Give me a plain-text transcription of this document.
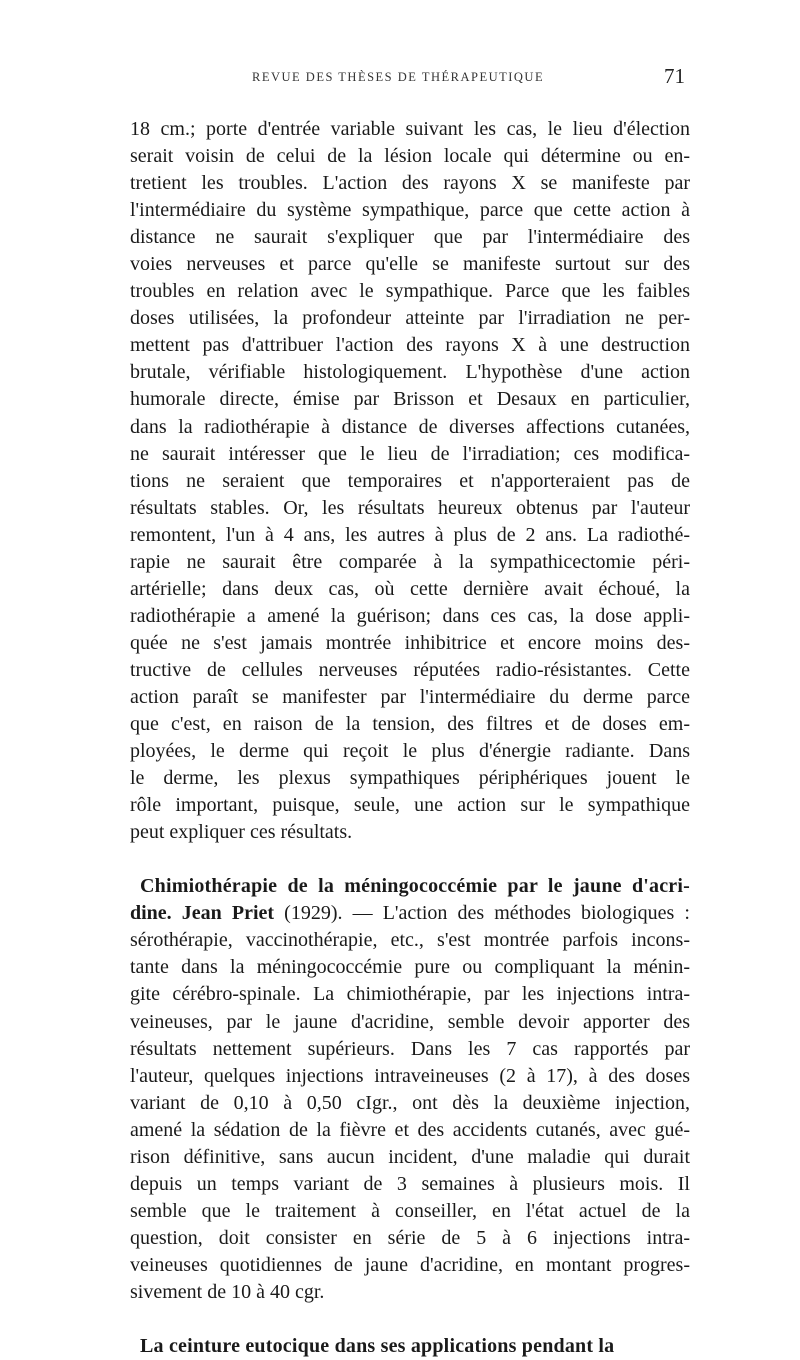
REVUE DES THÈSES DE THÉRAPEUTIQUE	71
18 cm.; porte d'entrée variable suivant les cas, le lieu d'élection
serait voisin de celui de la lésion locale qui détermine ou en-
tretient les troubles. L'action des rayons X se manifeste par
l'intermédiaire du système sympathique, parce que cette action à
distance ne saurait s'expliquer que par l'intermédiaire des
voies nerveuses et parce qu'elle se manifeste surtout sur des
troubles en relation avec le sympathique. Parce que les faibles
doses utilisées, la profondeur atteinte par l'irradiation ne per-
mettent pas d'attribuer l'action des rayons X à une destruction
brutale, vérifiable histologiquement. L'hypothèse d'une action
humorale directe, émise par Brisson et Desaux en particulier,
dans la radiothérapie à distance de diverses affections cutanées,
ne saurait intéresser que le lieu de l'irradiation; ces modifica-
tions ne seraient que temporaires et n'apporteraient pas de
résultats stables. Or, les résultats heureux obtenus par l'auteur
remontent, l'un à 4 ans, les autres à plus de 2 ans. La radiothé-
rapie ne saurait être comparée à la sympathicectomie péri-
artérielle; dans deux cas, où cette dernière avait échoué, la
radiothérapie a amené la guérison; dans ces cas, la dose appli-
quée ne s'est jamais montrée inhibitrice et encore moins des-
tructive de cellules nerveuses réputées radio-résistantes. Cette
action paraît se manifester par l'intermédiaire du derme parce
que c'est, en raison de la tension, des filtres et de doses em-
ployées, le derme qui reçoit le plus d'énergie radiante. Dans
le derme, les plexus sympathiques périphériques jouent le
rôle important, puisque, seule, une action sur le sympathique
peut expliquer ces résultats.
Chimiothérapie de la méningococcémie par le jaune d'acri-
dine. Jean Priet (1929). — L'action des méthodes biologiques :
sérothérapie, vaccinothérapie, etc., s'est montrée parfois incons-
tante dans la méningococcémie pure ou compliquant la ménin-
gite cérébro-spinale. La chimiothérapie, par les injections intra-
veineuses, par le jaune d'acridine, semble devoir apporter des
résultats nettement supérieurs. Dans les 7 cas rapportés par
l'auteur, quelques injections intraveineuses (2 à 17), à des doses
variant de 0,10 à 0,50 cIgr., ont dès la deuxième injection,
amené la sédation de la fièvre et des accidents cutanés, avec gué-
rison définitive, sans aucun incident, d'une maladie qui durait
depuis un temps variant de 3 semaines à plusieurs mois. Il
semble que le traitement à conseiller, en l'état actuel de la
question, doit consister en série de 5 à 6 injections intra-
veineuses quotidiennes de jaune d'acridine, en montant progres-
sivement de 10 à 40 cgr.
La ceinture eutocique dans ses applications pendant la
